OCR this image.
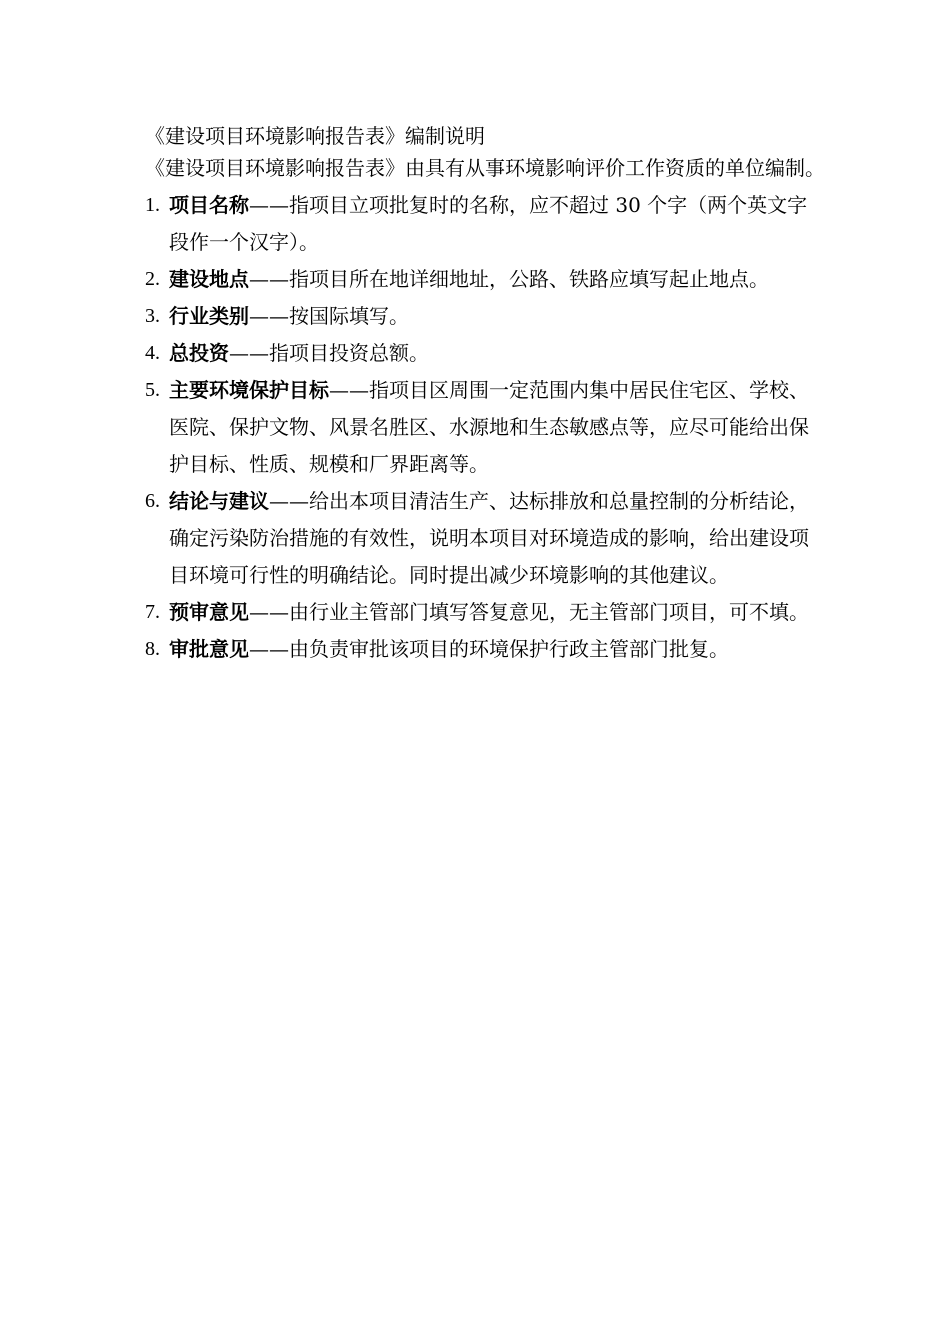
《建设项目环境影响报告表》编制说明

《建设项目环境影响报告表》由具有从事环境影响评价工作资质的单位编制。

1. 项目名称——指项目立项批复时的名称，应不超过 30 个字（两个英文字段作一个汉字）。
2. 建设地点——指项目所在地详细地址，公路、铁路应填写起止地点。
3. 行业类别——按国际填写。
4. 总投资——指项目投资总额。
5. 主要环境保护目标——指项目区周围一定范围内集中居民住宅区、学校、医院、保护文物、风景名胜区、水源地和生态敏感点等，应尽可能给出保护目标、性质、规模和厂界距离等。
6. 结论与建议——给出本项目清洁生产、达标排放和总量控制的分析结论，确定污染防治措施的有效性，说明本项目对环境造成的影响，给出建设项目环境可行性的明确结论。同时提出减少环境影响的其他建议。
7. 预审意见——由行业主管部门填写答复意见，无主管部门项目，可不填。
8. 审批意见——由负责审批该项目的环境保护行政主管部门批复。
